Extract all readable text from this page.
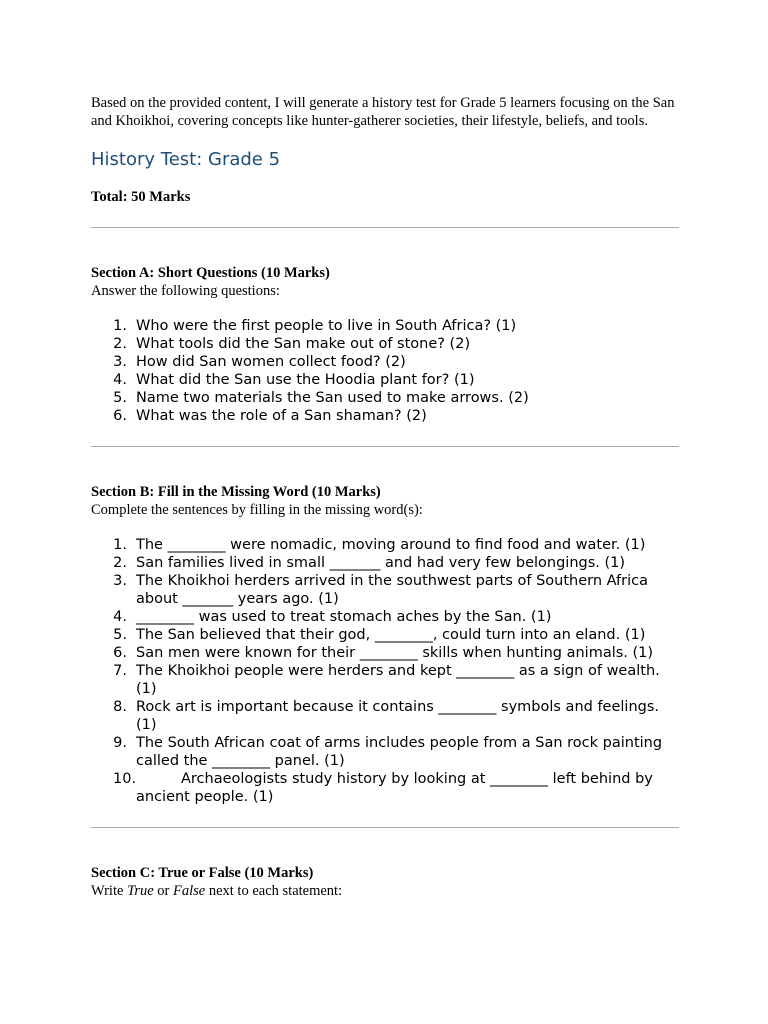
Based on the provided content, I will generate a history test for Grade 5 learners focusing on the San and Khoikhoi, covering concepts like hunter-gatherer societies, their lifestyle, beliefs, and tools.

History Test: Grade 5

Total: 50 Marks

Section A: Short Questions (10 Marks)

Answer the following questions:

1. Who were the first people to live in South Africa? (1)
2. What tools did the San make out of stone? (2)
3. How did San women collect food? (2)
4. What did the San use the Hoodia plant for? (1)
5. Name two materials the San used to make arrows. (2)
6. What was the role of a San shaman? (2)

Section B: Fill in the Missing Word (10 Marks)

Complete the sentences by filling in the missing word(s):

1. The ________ were nomadic, moving around to find food and water. (1)
2. San families lived in small _______ and had very few belongings. (1)
3. The Khoikhoi herders arrived in the southwest parts of Southern Africa about _______ years ago. (1)
4. ________ was used to treat stomach aches by the San. (1)
5. The San believed that their god, ________, could turn into an eland. (1)
6. San men were known for their ________ skills when hunting animals. (1)
7. The Khoikhoi people were herders and kept ________ as a sign of wealth. (1)
8. Rock art is important because it contains ________ symbols and feelings. (1)
9. The South African coat of arms includes people from a San rock painting called the ________ panel. (1)
10.	Archaeologists study history by looking at ________ left behind by ancient people. (1)

Section C: True or False (10 Marks)

Write True or False next to each statement:
